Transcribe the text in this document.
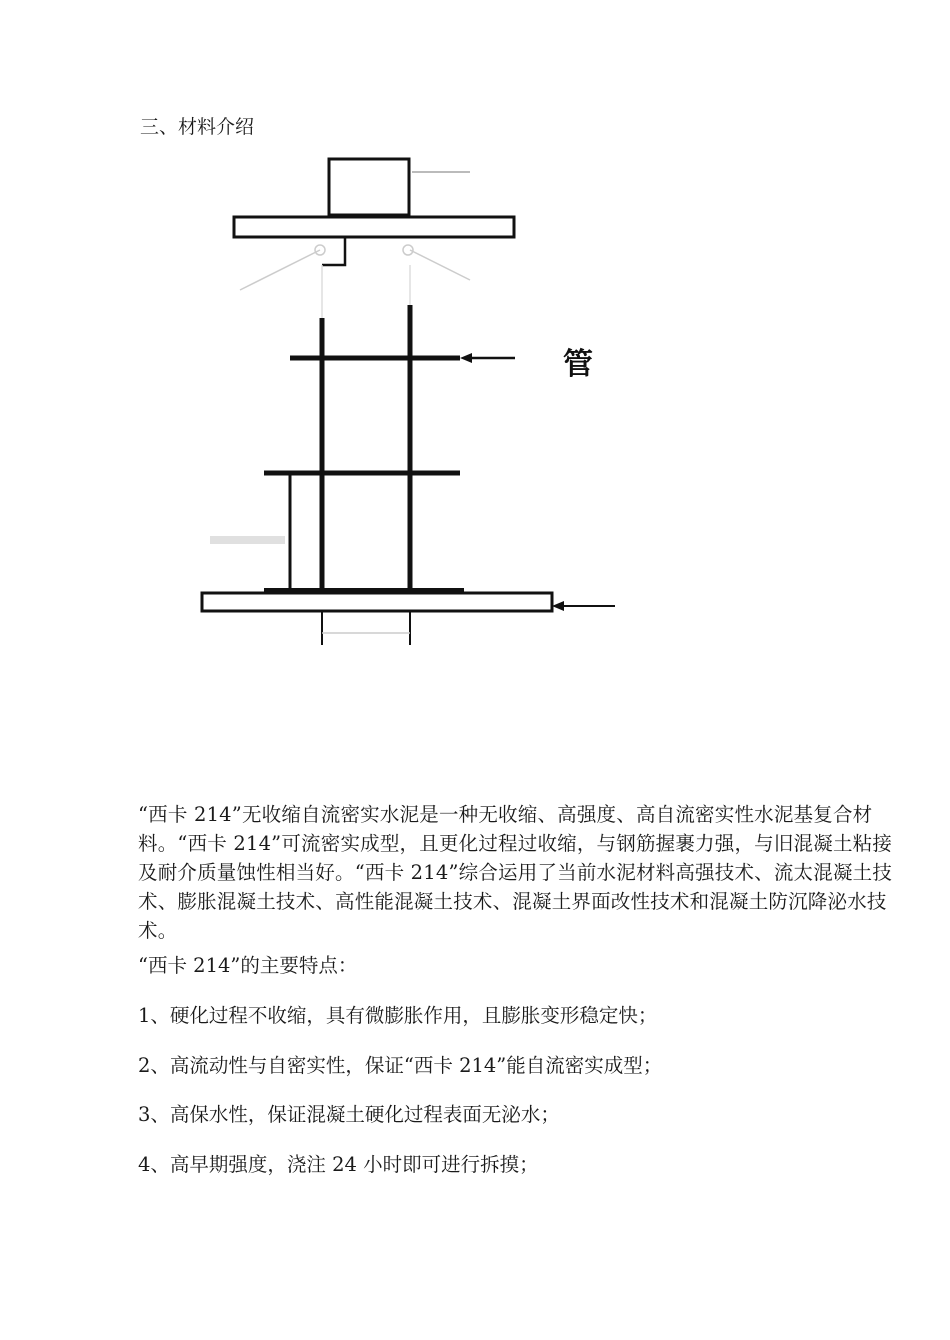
三、材料介绍
管

“西卡 214”无收缩自流密实水泥是一种无收缩、高强度、高自流密实性水泥基复合材料。“西卡 214”可流密实成型，且更化过程过收缩，与钢筋握裹力强，与旧混凝土粘接及耐介质量蚀性相当好。“西卡 214”综合运用了当前水泥材料高强技术、流太混凝土技术、膨胀混凝土技术、高性能混凝土技术、混凝土界面改性技术和混凝土防沉降泌水技术。

“西卡 214”的主要特点：

1、硬化过程不收缩，具有微膨胀作用，且膨胀变形稳定快；

2、高流动性与自密实性，保证“西卡 214”能自流密实成型；

3、高保水性，保证混凝土硬化过程表面无泌水；

4、高早期强度，浇注 24 小时即可进行拆摸；
